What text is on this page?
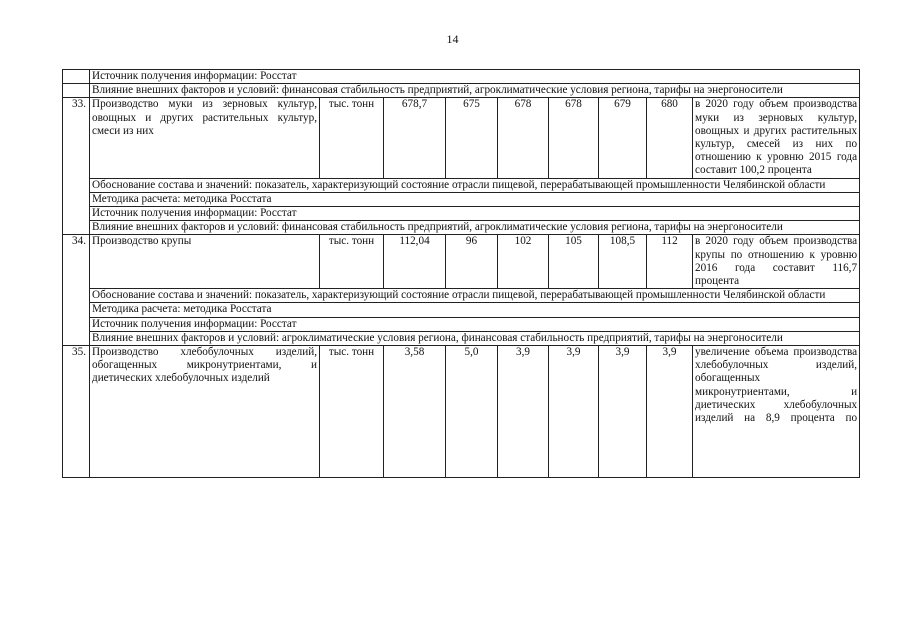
14
	Источник получения информации: Росстат								
	Влияние внешних факторов и условий: финансовая стабильность предприятий, агроклиматические условия региона, тарифы на энергоносители								
33.	Производство муки из зерновых культур, овощных и других растительных культур, смеси из них	тыс. тонн	678,7	675	678	678	679	680	в 2020 году объем производства муки из зерновых культур, овощных и других растительных культур, смесей из них по отношению к уровню 2015 года составит 100,2 процента
	Обоснование состава и значений: показатель, характеризующий состояние отрасли пищевой, перерабатывающей промышленности Челябинской области								
	Методика расчета: методика Росстата								
	Источник получения информации: Росстат								
	Влияние внешних факторов и условий: финансовая стабильность предприятий, агроклиматические условия региона, тарифы на энергоносители								
34.	Производство крупы	тыс. тонн	112,04	96	102	105	108,5	112	в 2020 году объем производства крупы по отношению к уровню 2016 года составит 116,7 процента
	Обоснование состава и значений: показатель, характеризующий состояние отрасли пищевой, перерабатывающей промышленности Челябинской области								
	Методика расчета: методика Росстата								
	Источник получения информации: Росстат								
	Влияние внешних факторов и условий: агроклиматические условия региона, финансовая стабильность предприятий, тарифы на энергоносители								
35.	Производство хлебобулочных изделий, обогащенных микронутриентами, и диетических хлебобулочных изделий	тыс. тонн	3,58	5,0	3,9	3,9	3,9	3,9	увеличение объема производства хлебобулочных изделий, обогащенных микронутриентами, и диетических хлебобулочных изделий на 8,9 процента по
